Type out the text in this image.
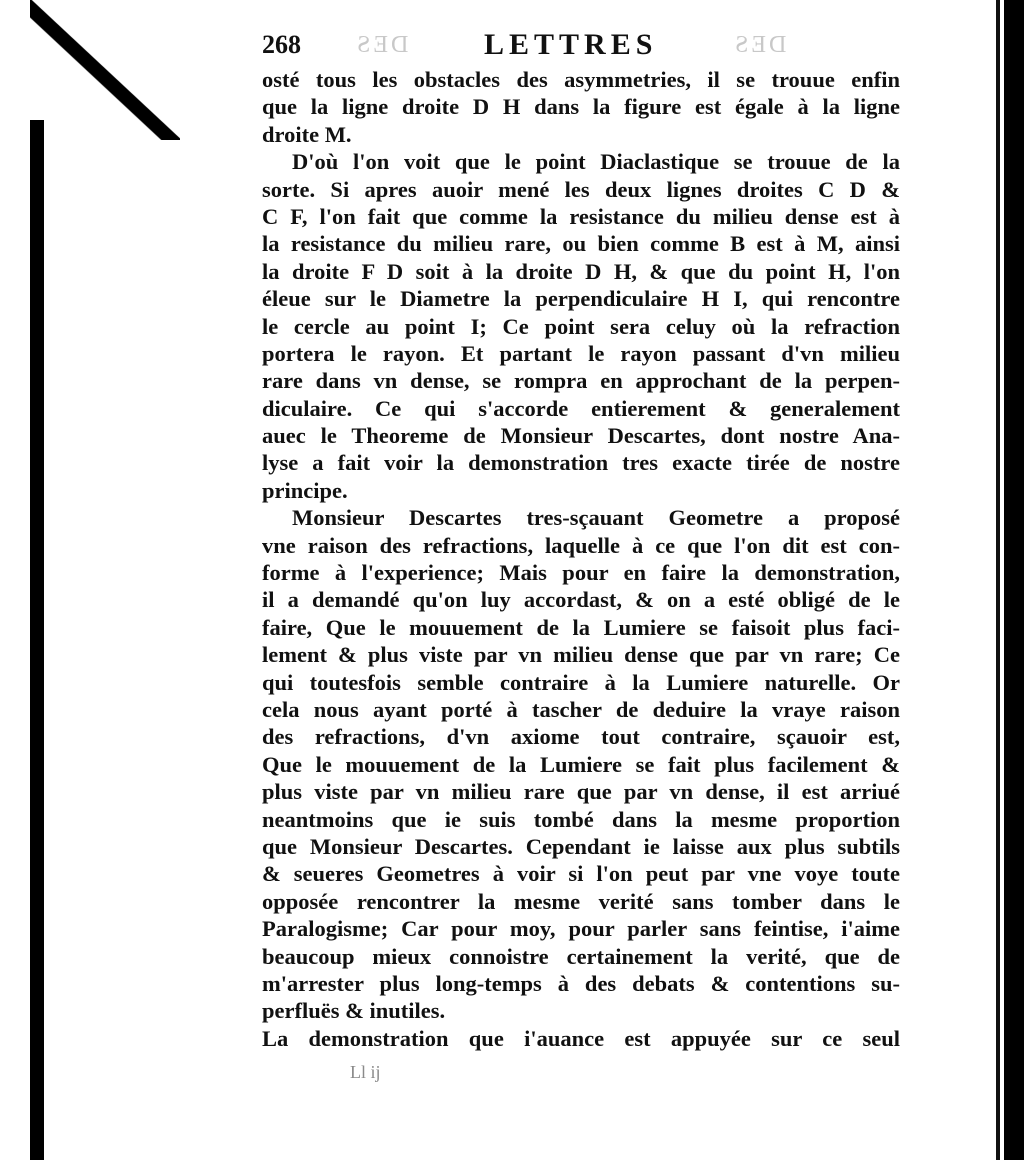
268 DES	LETTRES	DES
osté tous les obstacles des asymmetries, il se trouue enfin
que la ligne droite D H dans la figure est égale à la ligne
droite M.
D'où l'on voit que le point Diaclastique se trouue de la
sorte. Si apres auoir mené les deux lignes droites C D &
C F, l'on fait que comme la resistance du milieu dense est à
la resistance du milieu rare, ou bien comme B est à M, ainsi
la droite F D soit à la droite D H, & que du point H, l'on
éleue sur le Diametre la perpendiculaire H I, qui rencontre
le cercle au point I; Ce point sera celuy où la refraction
portera le rayon. Et partant le rayon passant d'vn milieu
rare dans vn dense, se rompra en approchant de la perpen-
diculaire. Ce qui s'accorde entierement & generalement
auec le Theoreme de Monsieur Descartes, dont nostre Ana-
lyse a fait voir la demonstration tres exacte tirée de nostre
principe.
Monsieur Descartes tres-sçauant Geometre a proposé
vne raison des refractions, laquelle à ce que l'on dit est con-
forme à l'experience; Mais pour en faire la demonstration,
il a demandé qu'on luy accordast, & on a esté obligé de le
faire, Que le mouuement de la Lumiere se faisoit plus faci-
lement & plus viste par vn milieu dense que par vn rare; Ce
qui toutesfois semble contraire à la Lumiere naturelle. Or
cela nous ayant porté à tascher de deduire la vraye raison
des refractions, d'vn axiome tout contraire, sçauoir est,
Que le mouuement de la Lumiere se fait plus facilement &
plus viste par vn milieu rare que par vn dense, il est arriué
neantmoins que ie suis tombé dans la mesme proportion
que Monsieur Descartes. Cependant ie laisse aux plus subtils
& seueres Geometres à voir si l'on peut par vne voye toute
opposée rencontrer la mesme verité sans tomber dans le
Paralogisme; Car pour moy, pour parler sans feintise, i'aime
beaucoup mieux connoistre certainement la verité, que de
m'arrester plus long-temps à des debats & contentions su-
perfluës & inutiles.
La demonstration que i'auance est appuyée sur ce seul
Ll ij
